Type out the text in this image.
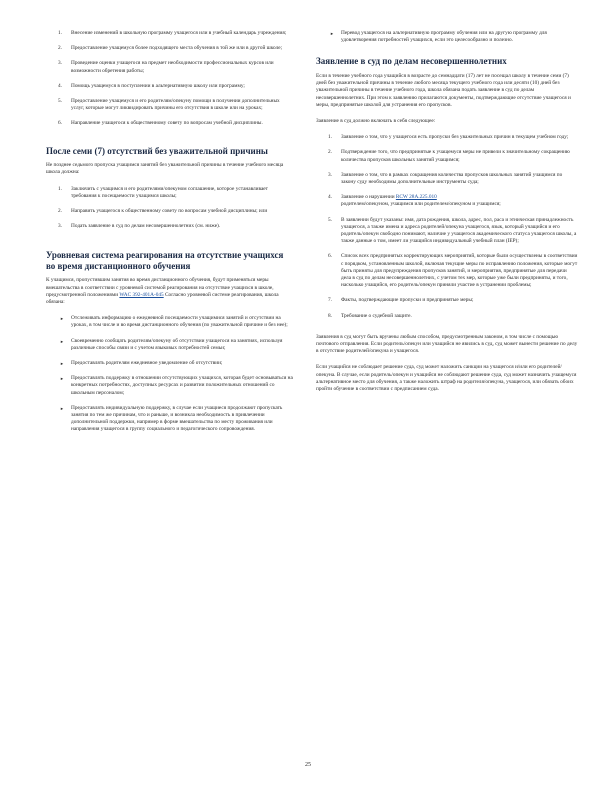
1. Внесение изменений в школьную программу учащегося или в учебный календарь учреждения;
2. Предоставление учащемуся более подходящего места обучения в той же или в другой школе;
3. Проведение оценки учащегося на предмет необходимости профессиональных курсов или возможности обретения работы;
4. Помощь учащемуся в поступлении в альтернативную школу или программу;
5. Предоставление учащемуся и его родителям/опекуну помощи в получении дополнительных услуг, которые могут ликвидировать причины его отсутствия в школе или на уроках;
6. Направление учащегося к общественному совету по вопросам учебной дисциплины.
После семи (7) отсутствий без уважительной причины

Не позднее седьмого пропуска учащимся занятий без уважительной причины в течение учебного месяца школа должна:

1. Заключить с учащимся и его родителями/опекуном соглашение, которое устанавливает требования к посещаемости учащимся школы;
2. Направить учащегося к общественному совету по вопросам учебной дисциплины; или
3. Подать заявление в суд по делам несовершеннолетних (см. ниже).
Уровневая система реагирования на отсутствие учащихся во время дистанционного обучения

К учащимся, пропустившим занятия во время дистанционного обучения, будут применяться меры вмешательства в соответствии с уровневой системой реагирования на отсутствие учащихся в школе, предусмотренной положениями WAC 392-401A-045 Согласно уровневой системе реагирования, школа обязана:

► Отслеживать информацию о ежедневной посещаемости учащимися занятий и отсутствии на уроках, в том числе и во время дистанционного обучения (по уважительной причине и без нее);
► Своевременно сообщать родителям/опекуну об отсутствии учащегося на занятиях, используя различные способы связи и с учетом языковых потребностей семьи;
► Предоставлять родителям ежедневное уведомление об отсутствии;
► Предоставлять поддержку в отношении отсутствующих учащихся, которая будет основываться на конкретных потребностях, доступных ресурсах и развитии положительных отношений со школьным персоналом;
► Предоставлять индивидуальную поддержку, в случае если учащиеся продолжают пропускать занятия по тем же причинам, что и раньше, и возникла необходимость в привлечении дополнительной поддержки, например в форме вмешательства по месту проживания или направления учащегося в группу социального и педагогического сопровождения.
► Перевод учащегося на альтернативную программу обучения или на другую программу для удовлетворения потребностей учащихся, если это целесообразно и полезно.
Заявление в суд по делам несовершеннолетних

Если в течение учебного года учащийся в возрасте до семнадцати (17) лет не посещал школу в течение семи (7) дней без уважительной причины в течение любого месяца текущего учебного года или десяти (10) дней без уважительной причины в течение учебного года, школа обязана подать заявление в суд по делам несовершеннолетних. При этом к заявлению прилагаются документы, подтверждающие отсутствие учащегося и меры, предпринятые школой для устранения его пропусков.

Заявление в суд должно включать в себя следующее:

1. Заявление о том, что у учащегося есть пропуски без уважительных причин в текущем учебном году;
2. Подтверждение того, что предпринятые к учащемуся меры не привели к значительному сокращению количества пропусков школьных занятий учащимся;
3. Заявление о том, что в рамках сокращения количества пропусков школьных занятий учащимся по закону суду необходимы дополнительные инструменты суда;
4. Заявление о нарушении RCW 28A.225.010
родителем/опекуном, учащимся или родителем/опекуном и учащимся;
5. В заявлении будут указаны: имя, дата рождения, школа, адрес, пол, раса и этническая принадлежность учащегося, а также имена и адреса родителей/опекуна учащегося, язык, который учащийся и его родитель/опекун свободно понимают, наличие у учащегося академического статуса учащегося школы, а также данные о том, имеет ли учащийся индивидуальный учебный план (IEP);
6. Список всех предпринятых корректирующих мероприятий, которые были осуществлены в соответствии с порядком, установленным школой, включая текущие меры по исправлению положения, которые могут быть приняты для предупреждения пропусков занятий, и мероприятия, предпринятые для передачи дела в суд по делам несовершеннолетних, с учетом тех мер, которые уже были предприняты, и того, насколько учащийся, его родитель/опекун приняли участие в устранении проблемы;
7. Факты, подтверждающие пропуски и предпринятые меры;
8. Требование о судебной защите.

Заявления в суд могут быть вручены любым способом, предусмотренным законом, в том числе с помощью почтового отправления. Если родитель/опекун или учащийся не явились в суд, суд может вынести решение по делу в отсутствие родителей/опекуна и учащегося.

Если учащийся не соблюдает решение суда, суд может наложить санкции на учащегося и/или его родителей/опекуна. В случае, если родитель/опекун и учащийся не соблюдают решение суда, суд может назначить учащемуся альтернативное место для обучения, а также наложить штраф на родителя/опекуна, учащегося, или обязать обоих пройти обучение в соответствии с предписанием суда.

25
